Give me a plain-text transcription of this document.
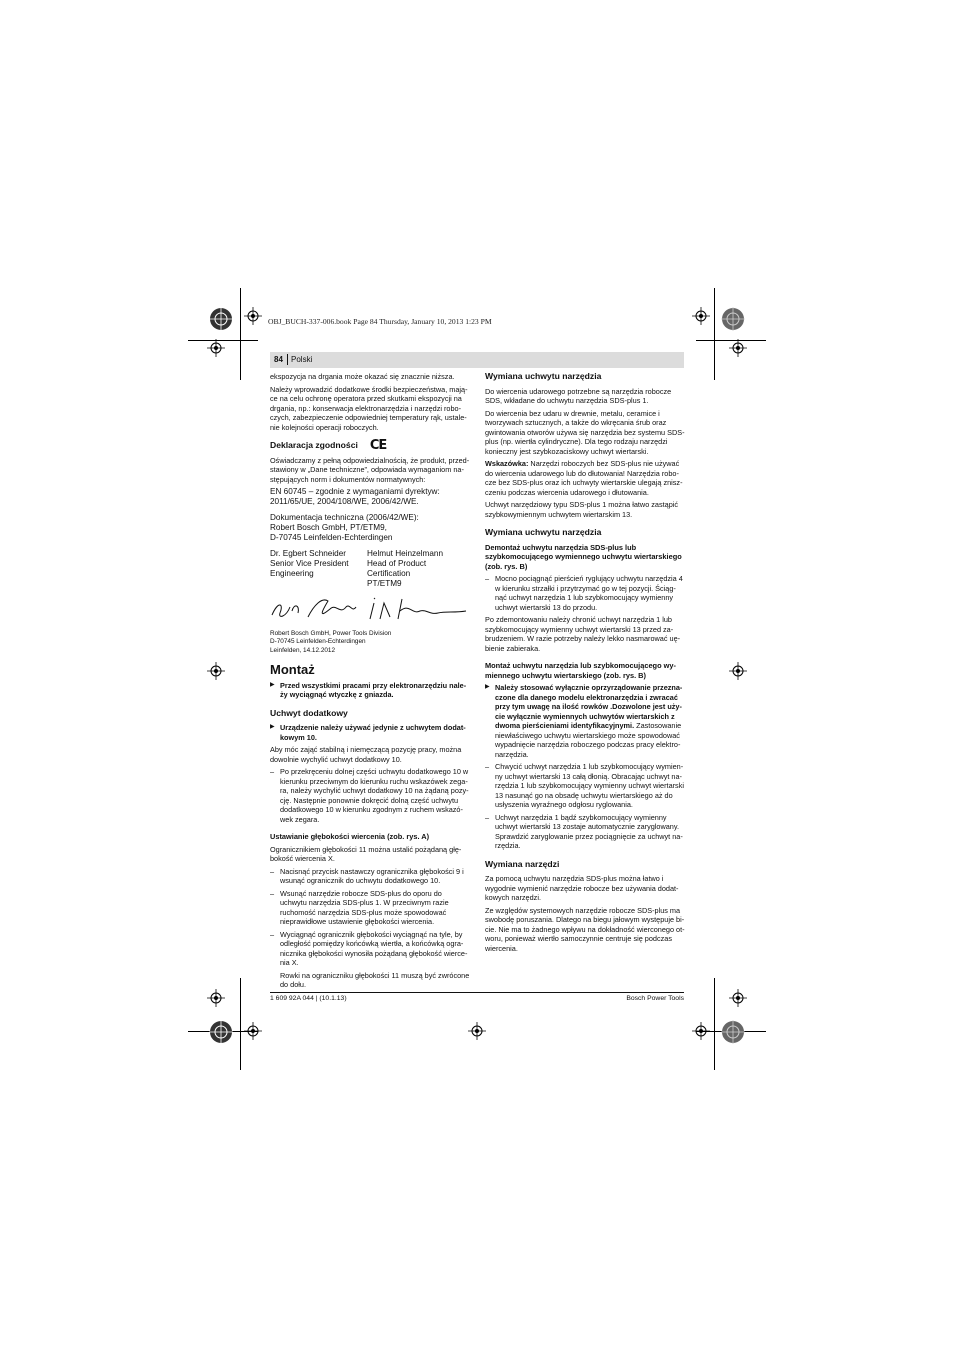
OBJ_BUCH-337-006.book Page 84 Thursday, January 10, 2013 1:23 PM
84 Polski

ekspozycja na drgania może okazać się znacznie niższa.

Należy wprowadzić dodatkowe środki bezpieczeństwa, mające na celu ochronę operatora przed skutkami ekspozycji na drgania, np.: konserwacja elektronarzędzia i narzędzi roboczych, zabezpieczenie odpowiedniej temperatury rąk, ustalenie kolejności operacji roboczych.

Deklaracja zgodności CE

Oświadczamy z pełną odpowiedzialnością, że produkt, przedstawiony w „Dane techniczne”, odpowiada wymaganiom następujących norm i dokumentów normatywnych:

EN 60745 – zgodnie z wymaganiami dyrektyw: 2011/65/UE, 2004/108/WE, 2006/42/WE.

Dokumentacja techniczna (2006/42/WE):
Robert Bosch GmbH, PT/ETM9,
D-70745 Leinfelden-Echterdingen

Dr. Egbert Schneider
Senior Vice President
Engineering
Helmut Heinzelmann
Head of Product Certification
PT/ETM9

Robert Bosch GmbH, Power Tools Division
D-70745 Leinfelden-Echterdingen
Leinfelden, 14.12.2012

Montaż

▶ Przed wszystkimi pracami przy elektronarzędziu należy wyciągnąć wtyczkę z gniazda.

Uchwyt dodatkowy

▶ Urządzenie należy używać jedynie z uchwytem dodatkowym 10.

Aby móc zająć stabilną i niemęczącą pozycję pracy, można dowolnie wychylić uchwyt dodatkowy 10.

– Po przekręceniu dolnej części uchwytu dodatkowego 10 w kierunku przeciwnym do kierunku ruchu wskazówek zegara, należy wychylić uchwyt dodatkowy 10 na żądaną pozycję. Następnie ponownie dokręcić dolną część uchwytu dodatkowego 10 w kierunku zgodnym z ruchem wskazówek zegara.

Ustawianie głębokości wiercenia (zob. rys. A)

Ogranicznikiem głębokości 11 można ustalić pożądaną głębokość wiercenia X.

– Nacisnąć przycisk nastawczy ogranicznika głębokości 9 i wsunąć ogranicznik do uchwytu dodatkowego 10.

– Wsunąć narzędzie robocze SDS-plus do oporu do uchwytu narzędzia SDS-plus 1. W przeciwnym razie ruchomość narzędzia SDS-plus może spowodować nieprawidłowe ustawienie głębokości wiercenia.

– Wyciągnąć ogranicznik głębokości wyciągnąć na tyle, by odległość pomiędzy końcówką wiertła, a końcówką ogranicznika głębokości wynosiła pożądaną głębokość wiercenia X.

Rowki na ograniczniku głębokości 11 muszą być zwrócone do dołu.

Wymiana uchwytu narzędzia

Do wiercenia udarowego potrzebne są narzędzia robocze SDS, wkładane do uchwytu narzędzia SDS-plus 1.

Do wiercenia bez udaru w drewnie, metalu, ceramice i tworzywach sztucznych, a także do wkręcania śrub oraz gwintowania otworów używa się narzędzia bez systemu SDS-plus (np. wiertła cylindryczne). Dla tego rodzaju narzędzi konieczny jest szybkozaciskowy uchwyt wiertarski.

Wskazówka: Narzędzi roboczych bez SDS-plus nie używać do wiercenia udarowego lub do dłutowania! Narzędzia robocze bez SDS-plus oraz ich uchwyty wiertarskie ulegają zniszczeniu podczas wiercenia udarowego i dłutowania.

Uchwyt narzędziowy typu SDS-plus 1 można łatwo zastąpić szybkowymiennym uchwytem wiertarskim 13.

Wymiana uchwytu narzędzia
Demontaż uchwytu narzędzia SDS-plus lub szybkomocującego wymiennego uchwytu wiertarskiego (zob. rys. B)

– Mocno pociągnąć pierścień ryglujący uchwytu narzędzia 4 w kierunku strzałki i przytrzymać go w tej pozycji. Ściągnąć uchwyt narzędzia 1 lub szybkomocujący wymienny uchwyt wiertarski 13 do przodu.

Po zdemontowaniu należy chronić uchwyt narzędzia 1 lub szybkomocujący wymienny uchwyt wiertarski 13 przed zabrudzeniem. W razie potrzeby należy lekko nasmarować uębienie zabieraka.

Montaż uchwytu narzędzia lub szybkomocującego wymiennego uchwytu wiertarskiego (zob. rys. B)

▶ Należy stosować wyłącznie oprzyrządowanie przeznaczone dla danego modelu elektronarzędzia i zwracać przy tym uwagę na ilość rowków .Dozwolone jest użycie wyłącznie wymiennych uchwytów wiertarskich z dwoma pierścieniami identyfikacyjnymi. Zastosowanie niewłaściwego uchwytu wiertarskiego może spowodować wypadnięcie narzędzia roboczego podczas pracy elektronarzędzia.

– Chwycić uchwyt narzędzia 1 lub szybkomocujący wymienny uchwyt wiertarski 13 całą dłonią. Obracając uchwyt narzędzia 1 lub szybkomocujący wymienny uchwyt wiertarski 13 nasunąć go na obsadę uchwytu wiertarskiego aż do usłyszenia wyraźnego odgłosu ryglowania.

– Uchwyt narzędzia 1 bądź szybkomocujący wymienny uchwyt wiertarski 13 zostaje automatycznie zaryglowany. Sprawdzić zaryglowanie przez pociągnięcie za uchwyt narzędzia.

Wymiana narzędzi

Za pomocą uchwytu narzędzia SDS-plus można łatwo i wygodnie wymienić narzędzie robocze bez używania dodatkowych narzędzi.

Ze względów systemowych narzędzie robocze SDS-plus ma swobodę poruszania. Dlatego na biegu jałowym występuje bicie. Nie ma to żadnego wpływu na dokładność wierconego otworu, ponieważ wiertło samoczynnie centruje się podczas wiercenia.

1 609 92A 044 | (10.1.13)	Bosch Power Tools
